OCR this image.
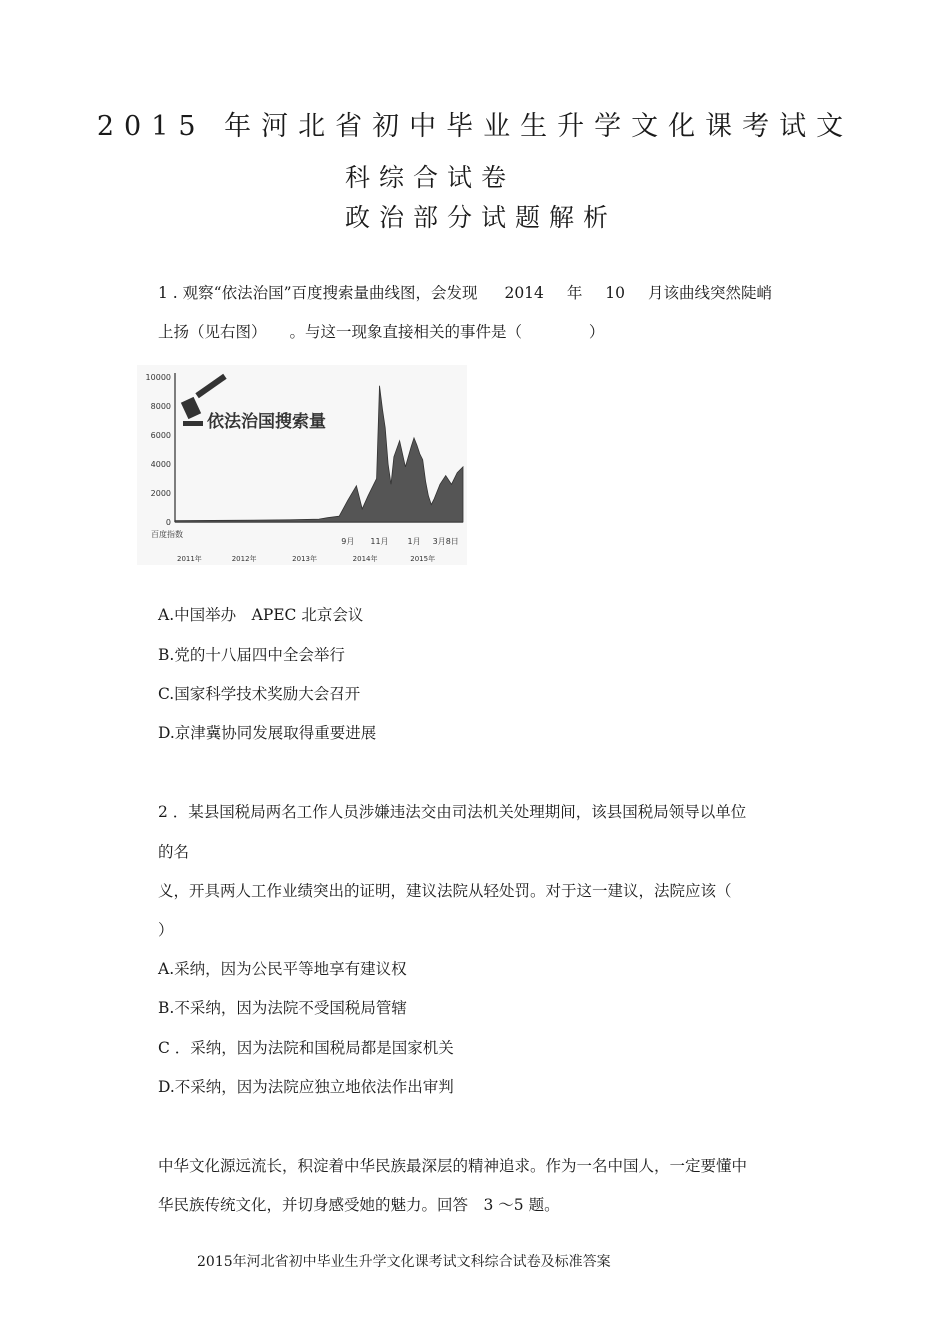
2015 年河北省初中毕业生升学文化课考试文
科综合试卷
政治部分试题解析
1 . 观察“依法治国”百度搜索量曲线图，会发现 2014 年 10 月该曲线突然陡峭
上扬（见右图） 。与这一现象直接相关的事件是（	）
10000
8000
6000
4000
2000
0
依法治国搜索量
9月 11月 1月 3月8日
百度指数
2011年	2012年	2013年	2014年	2015年
A.中国举办　APEC 北京会议
B.党的十八届四中全会举行
C.国家科学技术奖励大会召开
D.京津冀协同发展取得重要进展
2 ．某县国税局两名工作人员涉嫌违法交由司法机关处理期间，该县国税局领导以单位
的名
义，开具两人工作业绩突出的证明，建议法院从轻处罚。对于这一建议，法院应该（
）
A.采纳，因为公民平等地享有建议权
B.不采纳，因为法院不受国税局管辖
C ．采纳，因为法院和国税局都是国家机关
D.不采纳，因为法院应独立地依法作出审判
中华文化源远流长，积淀着中华民族最深层的精神追求。作为一名中国人，一定要懂中
华民族传统文化，并切身感受她的魅力。回答　3 ～5 题。
2015年河北省初中毕业生升学文化课考试文科综合试卷及标准答案
